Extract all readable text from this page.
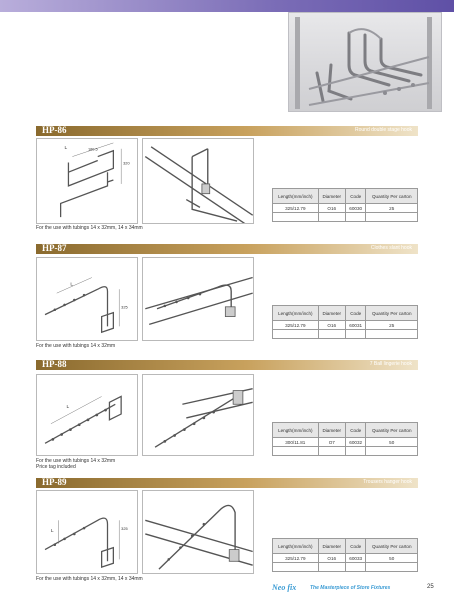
HP-86	Round double stage hook
L	180.5
320
For the use with tubings 14 x 32mm, 14 x 34mm
Length(mm/inch)	Diameter	Code	Quantity Per carton
325/12.79	O16	60030	25

HP-87	Clothes slant hook
L
325
For the use with tubings 14 x 32mm
Length(mm/inch)	Diameter	Code	Quantity Per carton
325/12.79	O16	60031	25

HP-88	7 Ball lingerie hook
L
For the use with tubings 14 x 32mm
Price tag included
Length(mm/inch)	Diameter	Code	Quantity Per carton
300/11.81	O7	60032	50

HP-89	Trousers hanger hook
L
325
For the use with tubings 14 x 32mm, 14 x 34mm
Length(mm/inch)	Diameter	Code	Quantity Per carton
325/12.79	O16	60033	50

Neo fix	The Masterpiece of Store Fixtures	25
